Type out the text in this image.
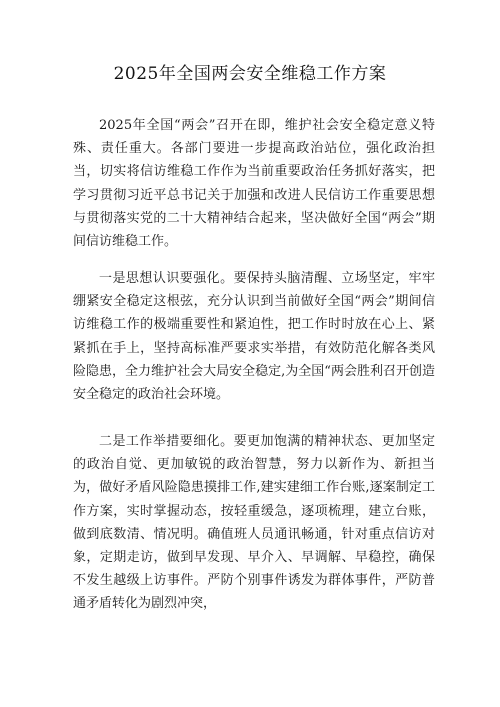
2025年全国两会安全维稳工作方案

2025年全国“两会”召开在即，维护社会安全稳定意义特殊、责任重大。各部门要进一步提高政治站位，强化政治担当，切实将信访维稳工作作为当前重要政治任务抓好落实，把学习贯彻习近平总书记关于加强和改进人民信访工作重要思想与贯彻落实党的二十大精神结合起来，坚决做好全国“两会”期间信访维稳工作。

一是思想认识要强化。要保持头脑清醒、立场坚定，牢牢绷紧安全稳定这根弦，充分认识到当前做好全国“两会”期间信访维稳工作的极端重要性和紧迫性，把工作时时放在心上、紧紧抓在手上，坚持高标准严要求实举措，有效防范化解各类风险隐患，全力维护社会大局安全稳定,为全国“两会胜利召开创造安全稳定的政治社会环境。

二是工作举措要细化。要更加饱满的精神状态、更加坚定的政治自觉、更加敏锐的政治智慧，努力以新作为、新担当为，做好矛盾风险隐患摸排工作,建实建细工作台账,逐案制定工作方案，实时掌握动态，按轻重缓急，逐项梳理，建立台账，做到底数清、情况明。确值班人员通讯畅通，针对重点信访对象，定期走访，做到早发现、早介入、早调解、早稳控，确保不发生越级上访事件。严防个别事件诱发为群体事件，严防普通矛盾转化为剧烈冲突，
